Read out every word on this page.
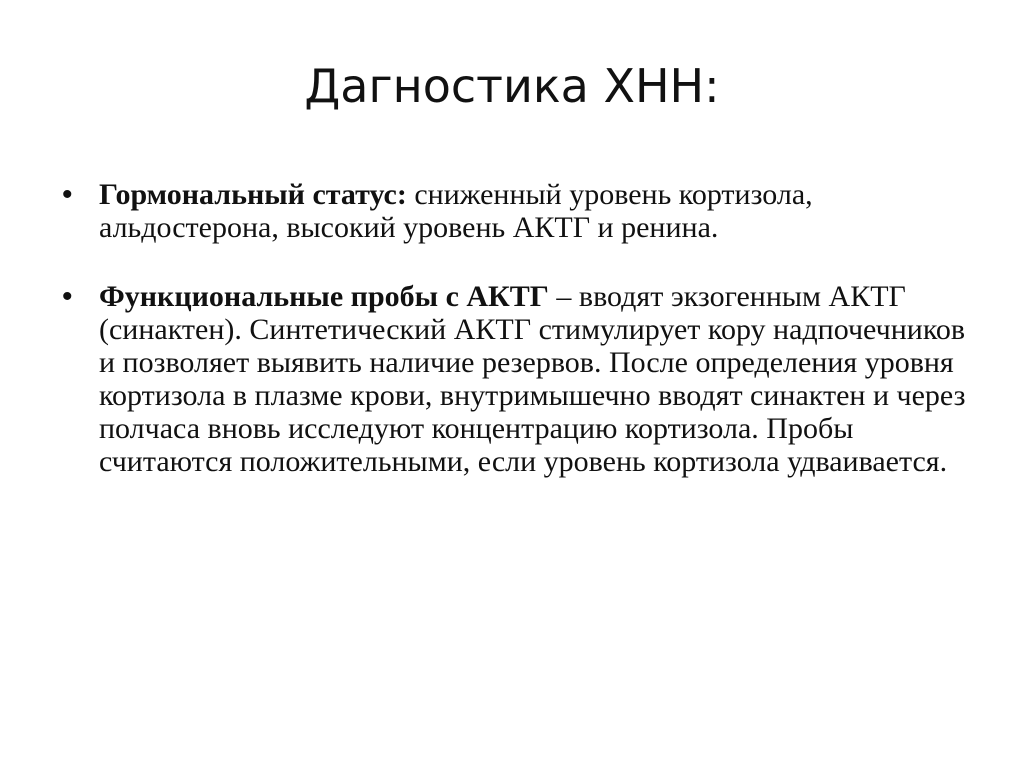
Дагностика ХНН:
• Гормональный статус: сниженный уровень кортизола, альдостерона, высокий уровень АКТГ и ренина.
• Функциональные пробы с АКТГ – вводят экзогенным АКТГ (синактен). Синтетический АКТГ стимулирует кору надпочечников и позволяет выявить наличие резервов. После определения уровня кортизола в плазме крови, внутримышечно вводят синактен и через полчаса вновь исследуют концентрацию кортизола. Пробы считаются положительными, если уровень кортизола удваивается.
